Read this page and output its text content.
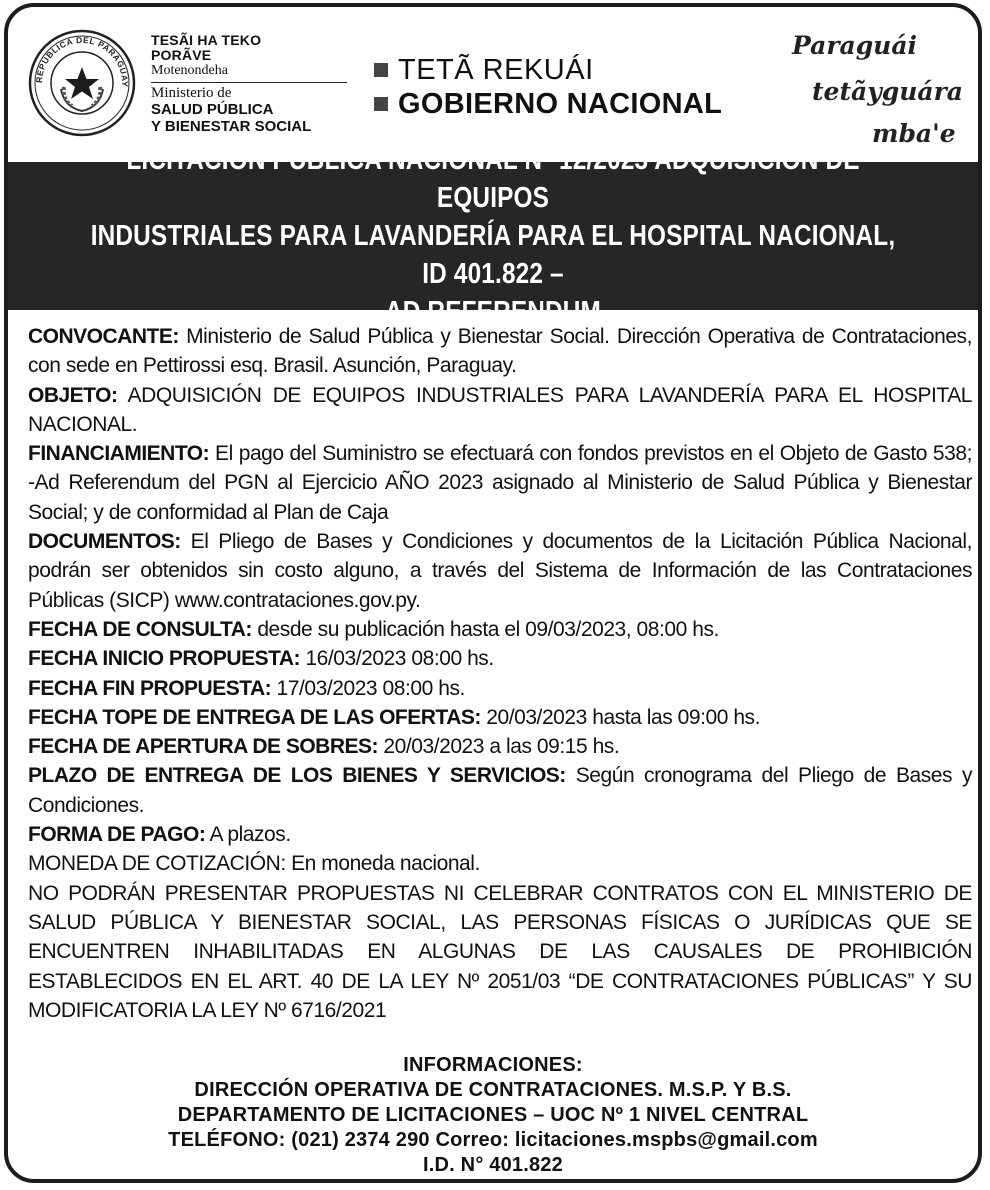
REPÚBLICA DEL PARAGUAY
TESÃI HA TEKO
PORÃVE
Motenondeha
Ministerio de
SALUD PÚBLICA
Y BIENESTAR SOCIAL
TETÃ REKUÁI
GOBIERNO NACIONAL
Paraguái
tetãyguára
mba'e
LICITACIÓN PÚBLICA NACIONAL N° 12/2023 ADQUISICIÓN DE EQUIPOS
INDUSTRIALES PARA LAVANDERÍA PARA EL HOSPITAL NACIONAL, ID 401.822 –
AD REFERENDUM

CONVOCANTE: Ministerio de Salud Pública y Bienestar Social. Dirección Operativa de Contrataciones, con sede en Pettirossi esq. Brasil. Asunción, Paraguay.

OBJETO: ADQUISICIÓN DE EQUIPOS INDUSTRIALES PARA LAVANDERÍA PARA EL HOSPITAL NACIONAL.

FINANCIAMIENTO: El pago del Suministro se efectuará con fondos previstos en el Objeto de Gasto 538; -Ad Referendum del PGN al Ejercicio AÑO 2023 asignado al Ministerio de Salud Pública y Bienestar Social; y de conformidad al Plan de Caja

DOCUMENTOS: El Pliego de Bases y Condiciones y documentos de la Licitación Pública Nacional, podrán ser obtenidos sin costo alguno, a través del Sistema de Información de las Contrataciones Públicas (SICP) www.contrataciones.gov.py.

FECHA DE CONSULTA: desde su publicación hasta el 09/03/2023, 08:00 hs.

FECHA INICIO PROPUESTA: 16/03/2023 08:00 hs.

FECHA FIN PROPUESTA: 17/03/2023 08:00 hs.

FECHA TOPE DE ENTREGA DE LAS OFERTAS: 20/03/2023 hasta las 09:00 hs.

FECHA DE APERTURA DE SOBRES: 20/03/2023 a las 09:15 hs.

PLAZO DE ENTREGA DE LOS BIENES Y SERVICIOS: Según cronograma del Pliego de Bases y Condiciones.

FORMA DE PAGO: A plazos.

MONEDA DE COTIZACIÓN: En moneda nacional.

NO PODRÁN PRESENTAR PROPUESTAS NI CELEBRAR CONTRATOS CON EL MINISTERIO DE SALUD PÚBLICA Y BIENESTAR SOCIAL, LAS PERSONAS FÍSICAS O JURÍDICAS QUE SE ENCUENTREN INHABILITADAS EN ALGUNAS DE LAS CAUSALES DE PROHIBICIÓN ESTABLECIDOS EN EL ART. 40 DE LA LEY Nº 2051/03 “DE CONTRATACIONES PÚBLICAS” Y SU MODIFICATORIA LA LEY Nº 6716/2021

INFORMACIONES:
DIRECCIÓN OPERATIVA DE CONTRATACIONES. M.S.P. Y B.S.
DEPARTAMENTO DE LICITACIONES – UOC Nº 1 NIVEL CENTRAL
TELÉFONO: (021) 2374 290 Correo: licitaciones.mspbs@gmail.com
I.D. N° 401.822
